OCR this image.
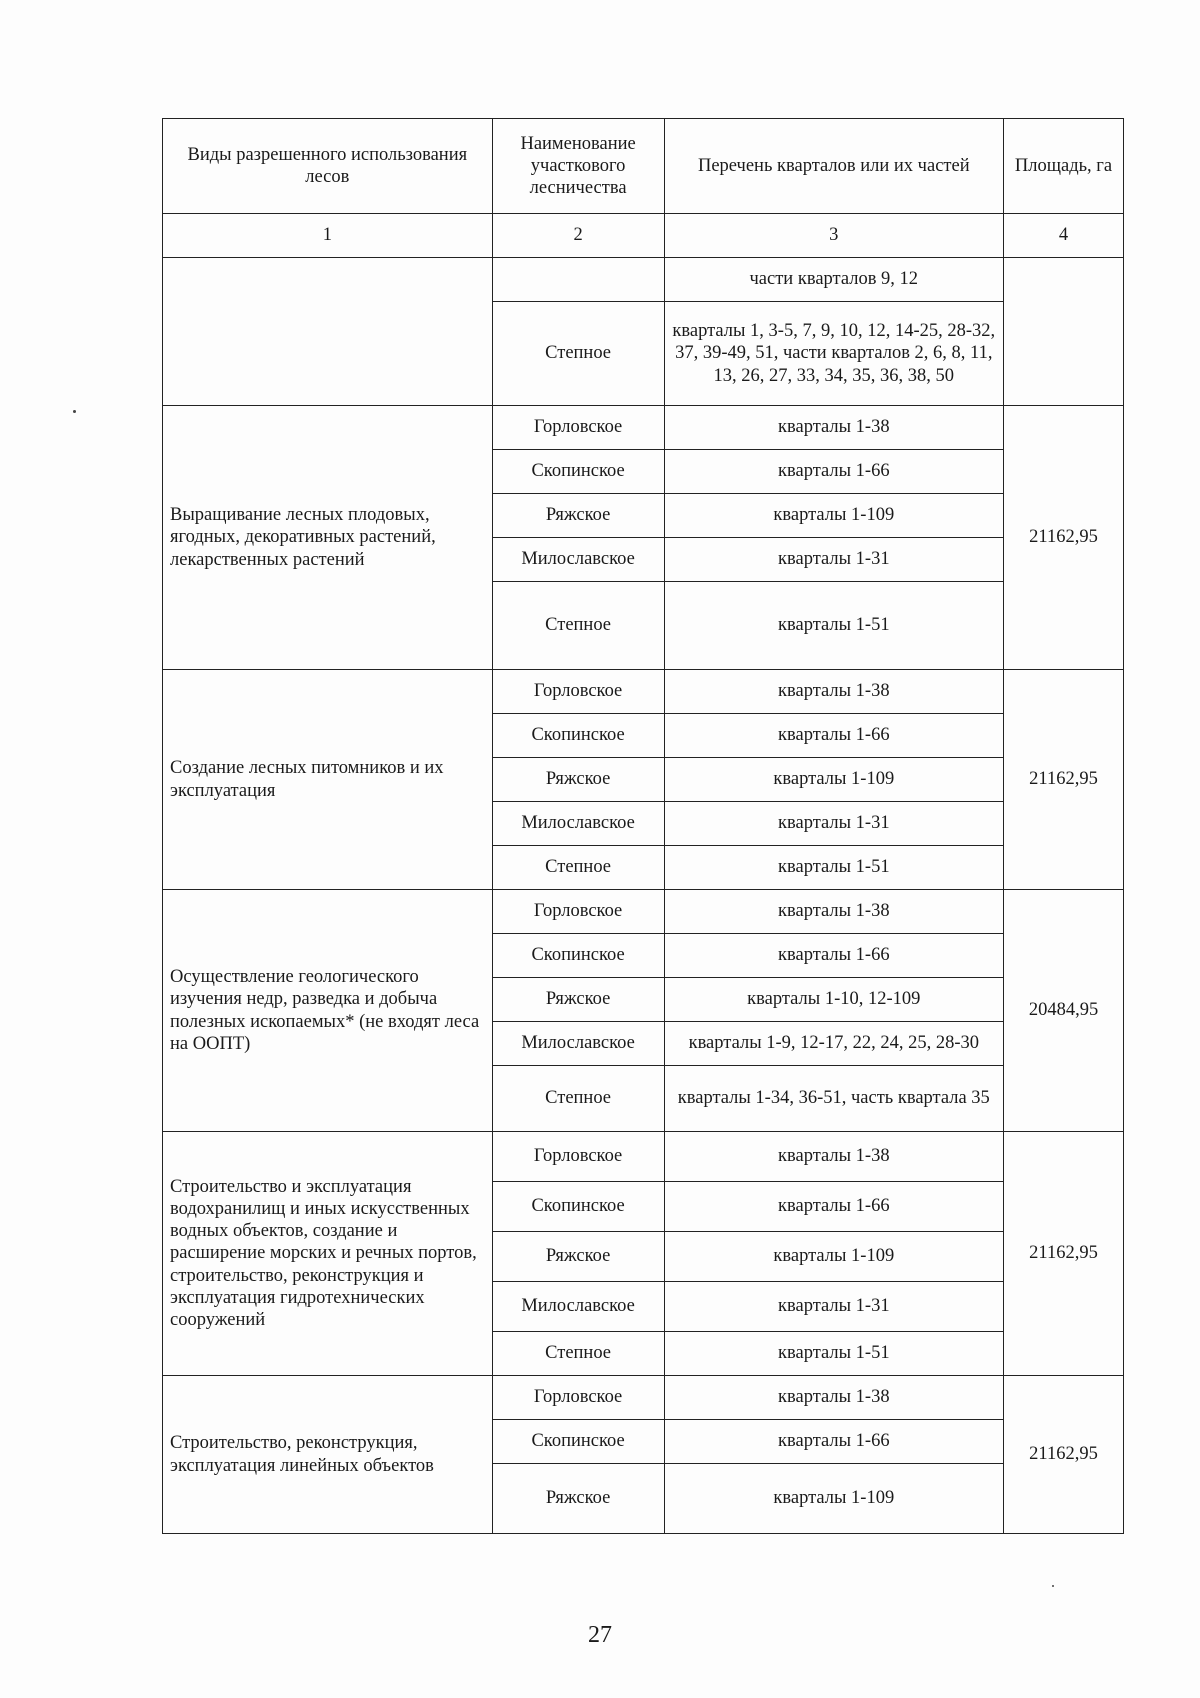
Виды разрешенного использования лесов	Наименование участкового лесничества	Перечень кварталов или их частей	Площадь, га
1	2	3	4
		части кварталов 9, 12	
	Степное	кварталы 1, 3-5, 7, 9, 10, 12, 14-25, 28-32, 37, 39-49, 51, части кварталов 2, 6, 8, 11, 13, 26, 27, 33, 34, 35, 36, 38, 50	
Выращивание лесных плодовых, ягодных, декоративных растений, лекарственных растений	Горловское	кварталы 1-38	21162,95
	Скопинское	кварталы 1-66	
	Ряжское	кварталы 1-109	
	Милославское	кварталы 1-31	
	Степное	кварталы 1-51	
Создание лесных питомников и их эксплуатация	Горловское	кварталы 1-38	21162,95
	Скопинское	кварталы 1-66	
	Ряжское	кварталы 1-109	
	Милославское	кварталы 1-31	
	Степное	кварталы 1-51	
Осуществление геологического изучения недр, разведка и добыча полезных ископаемых* (не входят леса на ООПТ)	Горловское	кварталы 1-38	20484,95
	Скопинское	кварталы 1-66	
	Ряжское	кварталы 1-10, 12-109	
	Милославское	кварталы 1-9, 12-17, 22, 24, 25, 28-30	
	Степное	кварталы 1-34, 36-51, часть квартала 35	
Строительство и эксплуатация водохранилищ и иных искусственных водных объектов, создание и расширение морских и речных портов, строительство, реконструкция и эксплуатация гидротехнических сооружений	Горловское	кварталы 1-38	21162,95
	Скопинское	кварталы 1-66	
	Ряжское	кварталы 1-109	
	Милославское	кварталы 1-31	
	Степное	кварталы 1-51	
Строительство, реконструкция, эксплуатация линейных объектов	Горловское	кварталы 1-38	21162,95
	Скопинское	кварталы 1-66	
	Ряжское	кварталы 1-109	
27
